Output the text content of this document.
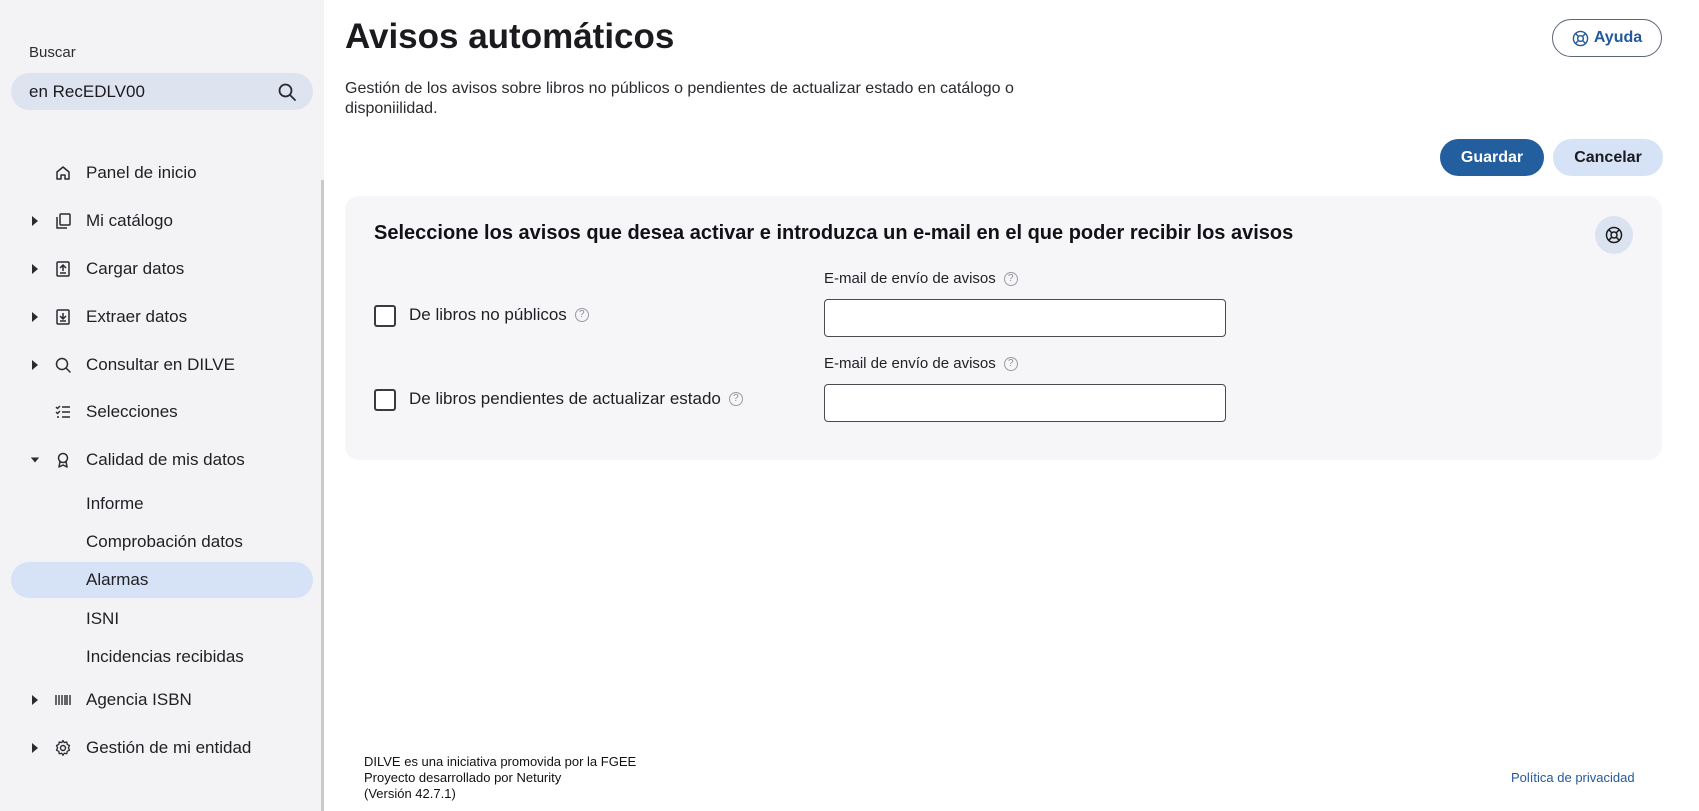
Buscar
en RecEDLV00
Panel de inicio
Mi catálogo
Cargar datos
Extraer datos
Consultar en DILVE
Selecciones
Calidad de mis datos
Informe
Comprobación datos
Alarmas
ISNI
Incidencias recibidas
Agencia ISBN
Gestión de mi entidad
Avisos automáticos

Gestión de los avisos sobre libros no públicos o pendientes de actualizar estado en catálogo o disponiilidad.

Ayuda
Guardar	Cancelar
Seleccione los avisos que desea activar e introduzca un e-mail en el que poder recibir los avisos
E-mail de envío de avisos	?
De libros no públicos	?
E-mail de envío de avisos	?
De libros pendientes de actualizar estado	?
DILVE es una iniciativa promovida por la FGEE
Proyecto desarrollado por Neturity
(Versión 42.7.1)
Política de privacidad
